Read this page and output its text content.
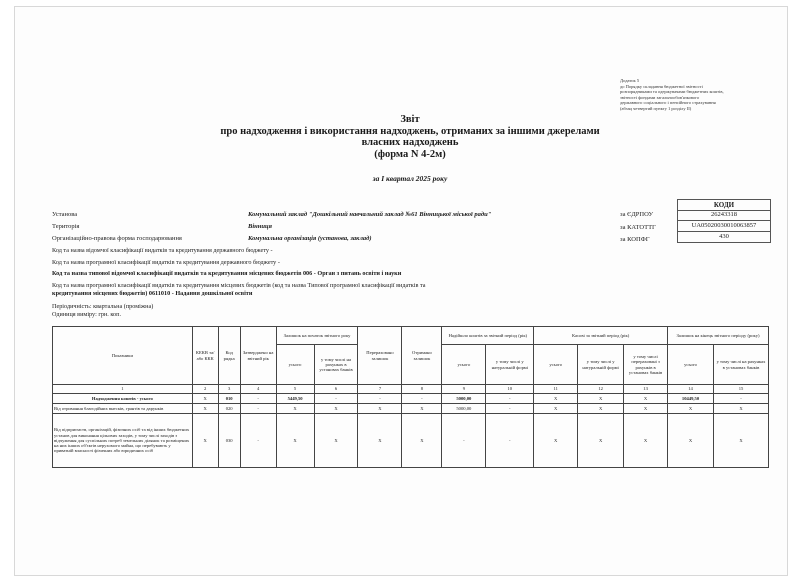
Додаток 5
до Порядку складання бюджетної звітності
розпорядниками та одержувачами бюджетних коштів,
звітності фондами загальнообов'язкового
державного соціального і пенсійного страхування
(абзац четвертий пункту 1 розділу II)
Звіт
про надходження і використання надходжень, отриманих за іншими джерелами
власних надходжень
(форма N 4-2м)
за I квартал 2025 року
КОДИ
за ЄДРПОУ	26243318
за КАТОТТГ	UA05020030010063857
за КОПФГ	430
Установа	Комунальний заклад "Дошкільний навчальний заклад №61 Вінницької міської ради"
Територія	Вінниця
Організаційно-правова форма господарювання	Комунальна організація (установа, заклад)
Код та назва відомчої класифікації видатків та кредитування державного бюджету -
Код та назва програмної класифікації видатків та кредитування державного бюджету -
Код та назва типової відомчої класифікації видатків та кредитування місцевих бюджетів 006 - Орган з питань освіти і науки
Код та назва програмної класифікації видатків та кредитування місцевих бюджетів (код та назва Типової програмної класифікації видатків та
кредитування місцевих бюджетів) 0611010 - Надання дошкільної освіти
Періодичність: квартальна (проміжна)
Одиниця виміру: грн. коп.
Показники	КЕКВ та/або ККК	Код рядка	Затверджено на звітний рік	Залишок на початок звітного року		Перераховано залишок	Отримано залишок	Надійшло коштів за звітний період (рік)		Касові за звітний період (рік)			Залишок на кінець звітного періоду (року)	
				усього	у тому числі на рахунках в установах банків			усього	у тому числі у натуральній формі	усього	у тому числі у натуральній формі	у тому числі перераховані з рахунків в установах банків	усього	у тому числі на рахунках в установах банків
1	2	3	4	5	6	7	8	9	10	11	12	13	14	15
Надходження коштів - усього	X	010	-	5449,50	-	-	-	5000,00	-	X	X	X	10449,50	-
Від отримання благодійних внесків, грантів та дарунків	X	020	-	X	X	X	X	5000,00	-	X	X	X	X	X
Від підприємств, організацій, фізичних осіб та від інших бюджетних установ для виконання цільових заходів, у тому числі заходів з відчуження для суспільних потреб земельних ділянок та розміщених на них інших об'єктів нерухомого майна, що перебувають у приватній власності фізичних або юридичних осіб	X	030	-	X	X	X	X	-	-	X	X	X	X	X
